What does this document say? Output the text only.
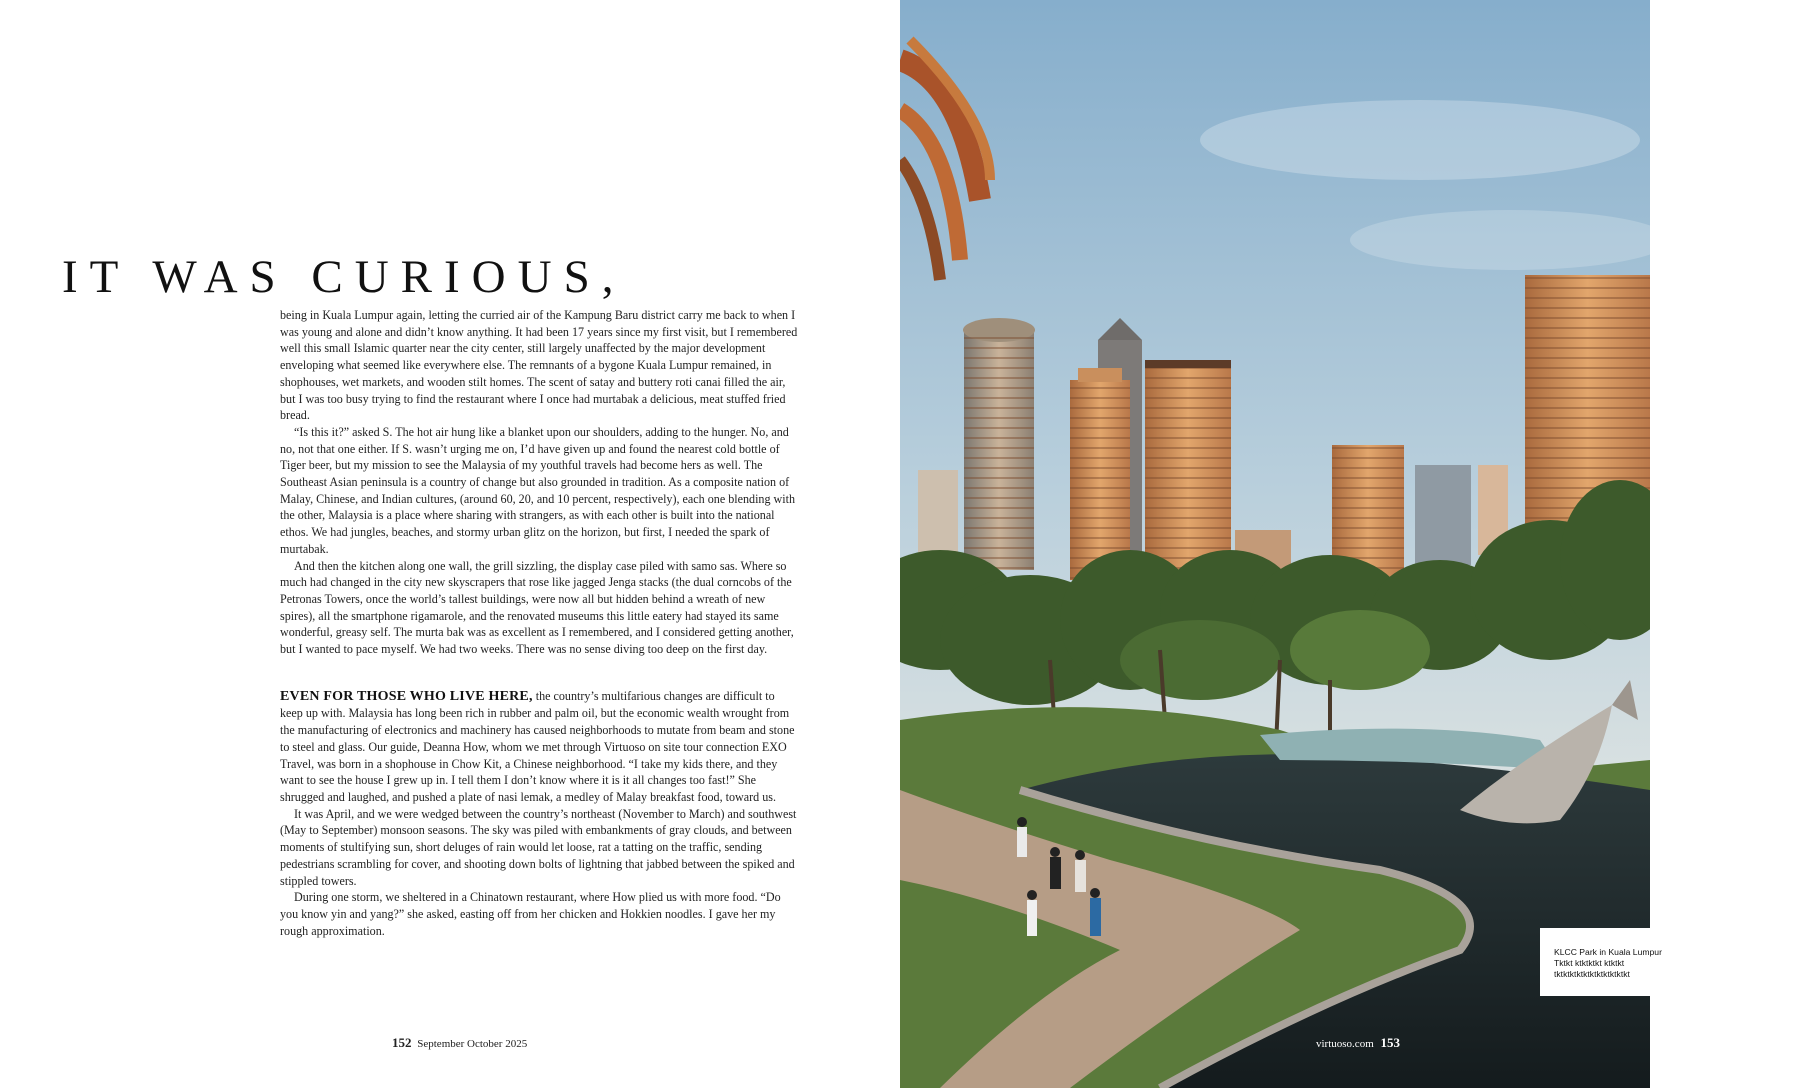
IT WAS CURIOUS,

being in Kuala Lumpur again, letting the curried air of the Kampung Baru district carry me back to when I was young and alone and didn’t know anything. It had been 17 years since my first visit, but I remembered well this small Islamic quarter near the city center, still largely unaffected by the major development enveloping what seemed like everywhere else. The remnants of a bygone Kuala Lumpur remained, in shophouses, wet markets, and wooden stilt homes. The scent of satay and buttery roti canai filled the air, but I was too busy trying to find the restaurant where I once had murtabak a delicious, meat stuffed fried bread.

“Is this it?” asked S. The hot air hung like a blanket upon our shoulders, adding to the hunger. No, and no, not that one either. If S. wasn’t urging me on, I’d have given up and found the nearest cold bottle of Tiger beer, but my mission to see the Malaysia of my youthful travels had become hers as well. The Southeast Asian peninsula is a country of change but also grounded in tradition. As a composite nation of Malay, Chinese, and Indian cultures, (around 60, 20, and 10 percent, respectively), each one blending with the other, Malaysia is a place where sharing with strangers, as with each other is built into the national ethos. We had jungles, beaches, and stormy urban glitz on the horizon, but first, I needed the spark of murtabak.

And then the kitchen along one wall, the grill sizzling, the display case piled with samo sas. Where so much had changed in the city new skyscrapers that rose like jagged Jenga stacks (the dual corncobs of the Petronas Towers, once the world’s tallest buildings, were now all but hidden behind a wreath of new spires), all the smartphone rigamarole, and the renovated museums this little eatery had stayed its same wonderful, greasy self. The murta bak was as excellent as I remembered, and I considered getting another, but I wanted to pace myself. We had two weeks. There was no sense diving too deep on the first day.

EVEN FOR THOSE WHO LIVE HERE, the country’s multifarious changes are difficult to keep up with. Malaysia has long been rich in rubber and palm oil, but the economic wealth wrought from the manufacturing of electronics and machinery has caused neighborhoods to mutate from beam and stone to steel and glass. Our guide, Deanna How, whom we met through Virtuoso on site tour connection EXO Travel, was born in a shophouse in Chow Kit, a Chinese neighborhood. “I take my kids there, and they want to see the house I grew up in. I tell them I don’t know where it is it all changes too fast!” She shrugged and laughed, and pushed a plate of nasi lemak, a medley of Malay breakfast food, toward us.

It was April, and we were wedged between the country’s northeast (November to March) and southwest (May to September) monsoon seasons. The sky was piled with embankments of gray clouds, and between moments of stultifying sun, short deluges of rain would let loose, rat a tatting on the traffic, sending pedestrians scrambling for cover, and shooting down bolts of lightning that jabbed between the spiked and stippled towers.

During one storm, we sheltered in a Chinatown restaurant, where How plied us with more food. “Do you know yin and yang?” she asked, easting off from her chicken and Hokkien noodles. I gave her my rough approximation.

152 September October 2025
KLCC Park in Kuala Lumpur
Tktkt ktktktkt ktktkt
tktktktktktktktktktktkt
virtuoso.com 153
